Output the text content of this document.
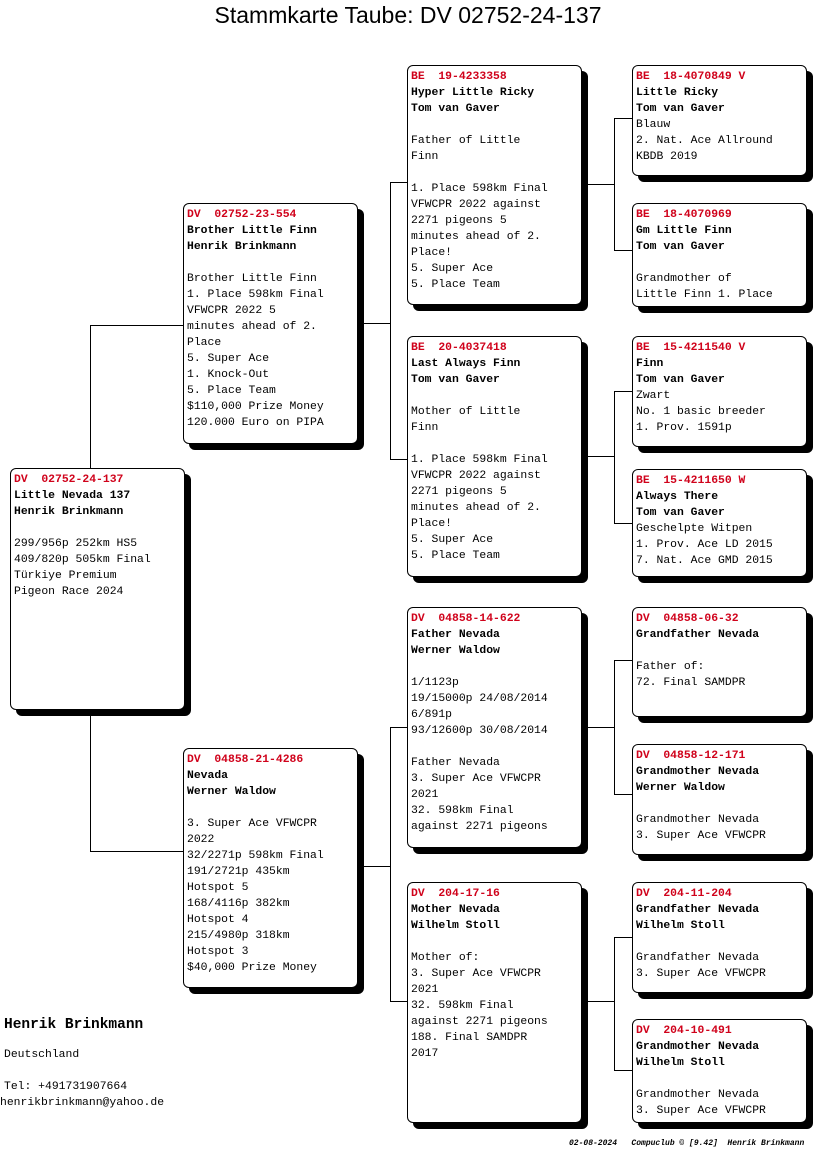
Stammkarte Taube: DV 02752-24-137
DV  02752-24-137
Little Nevada 137
Henrik Brinkmann
299/956p 252km HS5
409/820p 505km Final
Türkiye Premium
Pigeon Race 2024
DV  02752-23-554
Brother Little Finn
Henrik Brinkmann
Brother Little Finn
1. Place 598km Final
VFWCPR 2022 5
minutes ahead of 2.
Place
5. Super Ace
1. Knock-Out
5. Place Team
$110,000 Prize Money
120.000 Euro on PIPA
DV  04858-21-4286
Nevada
Werner Waldow
3. Super Ace VFWCPR
2022
32/2271p 598km Final
191/2721p 435km
Hotspot 5
168/4116p 382km
Hotspot 4
215/4980p 318km
Hotspot 3
$40,000 Prize Money
BE  19-4233358
Hyper Little Ricky
Tom van Gaver
Father of Little
Finn

1. Place 598km Final
VFWCPR 2022 against
2271 pigeons 5
minutes ahead of 2.
Place!
5. Super Ace
5. Place Team
BE  20-4037418
Last Always Finn
Tom van Gaver
Mother of Little
Finn

1. Place 598km Final
VFWCPR 2022 against
2271 pigeons 5
minutes ahead of 2.
Place!
5. Super Ace
5. Place Team
DV  04858-14-622
Father Nevada
Werner Waldow
1/1123p
19/15000p 24/08/2014
6/891p
93/12600p 30/08/2014

Father Nevada
3. Super Ace VFWCPR
2021
32. 598km Final
against 2271 pigeons
DV  204-17-16
Mother Nevada
Wilhelm Stoll
Mother of:
3. Super Ace VFWCPR
2021
32. 598km Final
against 2271 pigeons
188. Final SAMDPR
2017
BE  18-4070849 V
Little Ricky
Tom van Gaver
Blauw
2. Nat. Ace Allround
KBDB 2019
BE  18-4070969
Gm Little Finn
Tom van Gaver
Grandmother of
Little Finn 1. Place
BE  15-4211540 V
Finn
Tom van Gaver
Zwart
No. 1 basic breeder
1. Prov. 1591p
BE  15-4211650 W
Always There
Tom van Gaver
Geschelpte Witpen
1. Prov. Ace LD 2015
7. Nat. Ace GMD 2015
DV  04858-06-32
Grandfather Nevada
Father of:
72. Final SAMDPR
DV  04858-12-171
Grandmother Nevada
Werner Waldow
Grandmother Nevada
3. Super Ace VFWCPR
DV  204-11-204
Grandfather Nevada
Wilhelm Stoll
Grandfather Nevada
3. Super Ace VFWCPR
DV  204-10-491
Grandmother Nevada
Wilhelm Stoll
Grandmother Nevada
3. Super Ace VFWCPR
Henrik Brinkmann
Deutschland
Tel: +491731907664
henrikbrinkmann@yahoo.de
02-08-2024   Compuclub © [9.42]  Henrik Brinkmann
